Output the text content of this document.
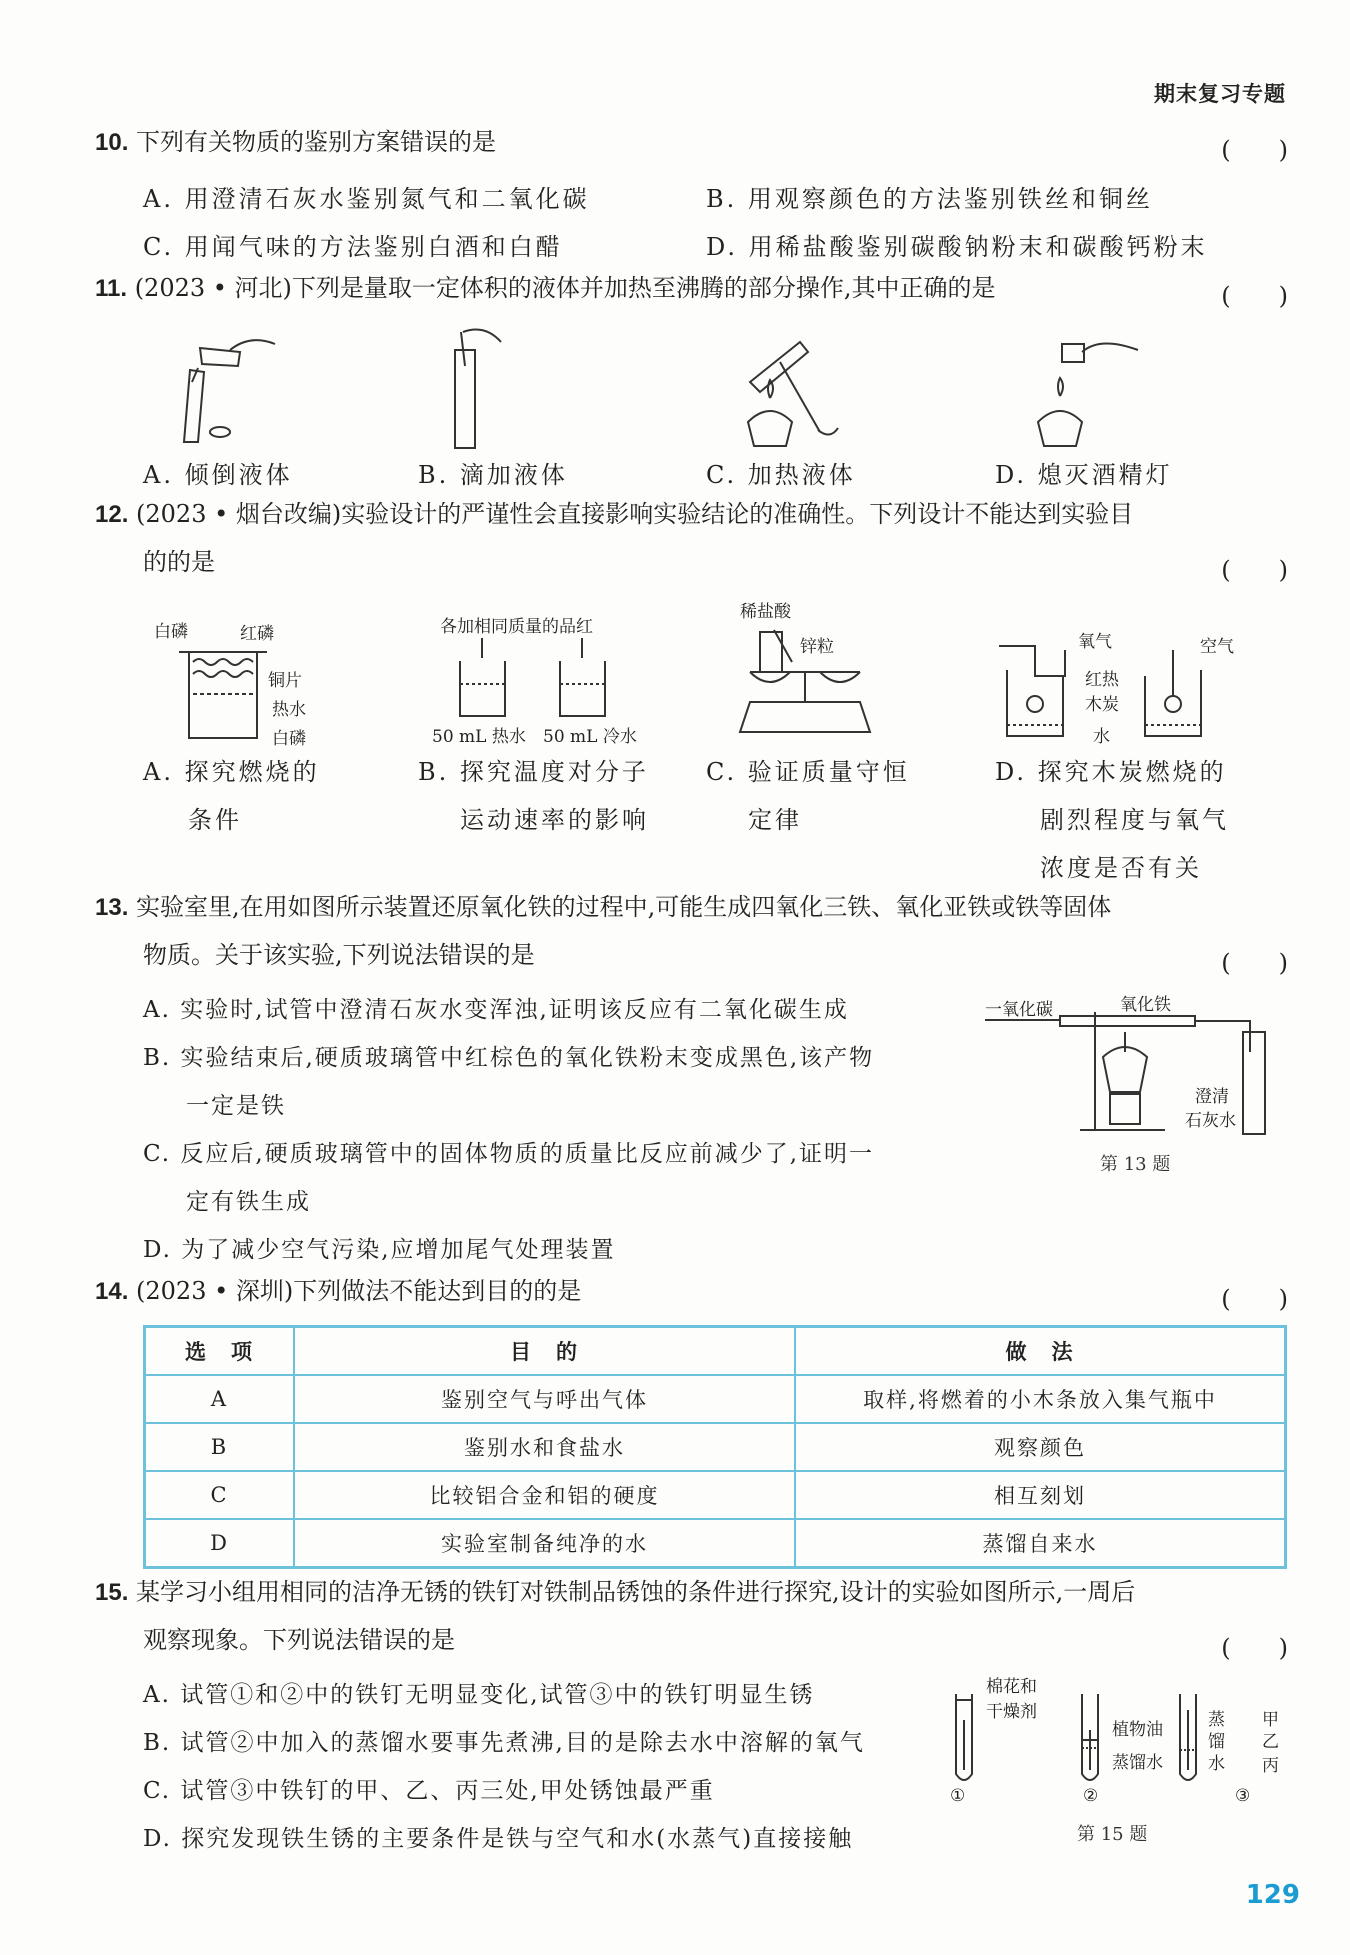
期末复习专题
10. 下列有关物质的鉴别方案错误的是	(　　)
A. 用澄清石灰水鉴别氮气和二氧化碳	B. 用观察颜色的方法鉴别铁丝和铜丝
C. 用闻气味的方法鉴别白酒和白醋	D. 用稀盐酸鉴别碳酸钠粉末和碳酸钙粉末
11. (2023 • 河北)下列是量取一定体积的液体并加热至沸腾的部分操作,其中正确的是	(　　)
A. 倾倒液体	B. 滴加液体	C. 加热液体	D. 熄灭酒精灯
12. (2023 • 烟台改编)实验设计的严谨性会直接影响实验结论的准确性。下列设计不能达到实验目
的的是	(　　)
白磷	红磷
铜片
热水
白磷
各加相同质量的品红
50 mL 热水 50 mL 冷水
稀盐酸
锌粒	氧气	空气
红热
木炭
水
A. 探究燃烧的
条件
B. 探究温度对分子
运动速率的影响
C. 验证质量守恒
定律
D. 探究木炭燃烧的
剧烈程度与氧气
浓度是否有关
13. 实验室里,在用如图所示装置还原氧化铁的过程中,可能生成四氧化三铁、氧化亚铁或铁等固体
物质。关于该实验,下列说法错误的是	(　　)
A. 实验时,试管中澄清石灰水变浑浊,证明该反应有二氧化碳生成
B. 实验结束后,硬质玻璃管中红棕色的氧化铁粉末变成黑色,该产物
一定是铁
C. 反应后,硬质玻璃管中的固体物质的质量比反应前减少了,证明一
定有铁生成
D. 为了减少空气污染,应增加尾气处理装置
一氧化碳	氧化铁
澄清
石灰水
第 13 题
14. (2023 • 深圳)下列做法不能达到目的的是	(　　)
选　项	目　的	做　法
A	鉴别空气与呼出气体	取样,将燃着的小木条放入集气瓶中
B	鉴别水和食盐水	观察颜色
C	比较铝合金和铝的硬度	相互刻划
D	实验室制备纯净的水	蒸馏自来水
15. 某学习小组用相同的洁净无锈的铁钉对铁制品锈蚀的条件进行探究,设计的实验如图所示,一周后
观察现象。下列说法错误的是	(　　)
A. 试管①和②中的铁钉无明显变化,试管③中的铁钉明显生锈
B. 试管②中加入的蒸馏水要事先煮沸,目的是除去水中溶解的氧气
C. 试管③中铁钉的甲、乙、丙三处,甲处锈蚀最严重
D. 探究发现铁生锈的主要条件是铁与空气和水(水蒸气)直接接触
棉花和
干燥剂
植物油
蒸馏水
蒸
馏
水
甲
乙
丙
①	②	③
第 15 题
129
